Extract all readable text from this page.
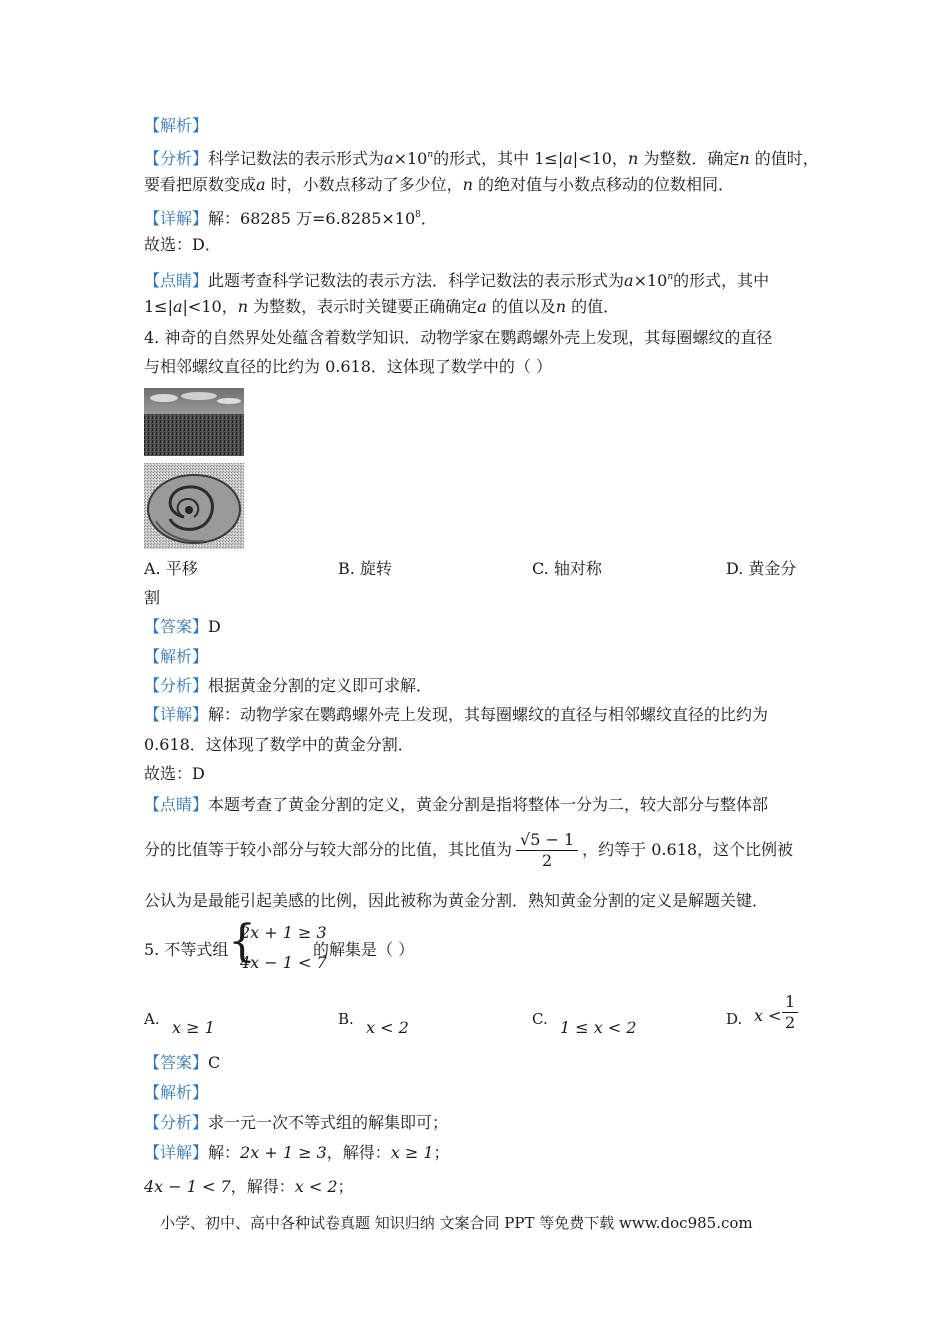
【解析】
【分析】科学记数法的表示形式为$a\times 10^n$的形式，其中 1≤|a|<10，n 为整数．确定n 的值时，
要看把原数变成a 时，小数点移动了多少位，n 的绝对值与小数点移动的位数相同．
【详解】解：68285 万$=6.8285\times 10^8$．
故选：D．
【点睛】此题考查科学记数法的表示方法．科学记数法的表示形式为$a\times 10^n$的形式，其中
1≤|a|<10，n 为整数，表示时关键要正确确定a 的值以及n 的值．
4. 神奇的自然界处处蕴含着数学知识．动物学家在鹦鹉螺外壳上发现，其每圈螺纹的直径
与相邻螺纹直径的比约为 0.618．这体现了数学中的（ ）
A. 平移	B. 旋转	C. 轴对称	D. 黄金分
割
【答案】D
【解析】
【分析】根据黄金分割的定义即可求解．
【详解】解：动物学家在鹦鹉螺外壳上发现，其每圈螺纹的直径与相邻螺纹直径的比约为
0.618．这体现了数学中的黄金分割．
故选：D
【点睛】本题考查了黄金分割的定义，黄金分割是指将整体一分为二，较大部分与整体部
分的比值等于较小部分与较大部分的比值，其比值为 $\frac{√5 - 1}{2}$ ，约等于 0.618，这个比例被
公认为是最能引起美感的比例，因此被称为黄金分割．熟知黄金分割的定义是解题关键．
5. 不等式组 {
2x + 1 ≥ 3
4x − 1 < 7
的解集是（ ）
A. x ≥ 1	B. x < 2	C. 1 ≤ x < 2	D. $x < \frac{1}{2}$
【答案】C
【解析】
【分析】求一元一次不等式组的解集即可；
【详解】解：2x + 1 ≥ 3，解得：x ≥ 1；
4x − 1 < 7，解得：x < 2；
小学、初中、高中各种试卷真题 知识归纳 文案合同 PPT 等免费下载 www.doc985.com
